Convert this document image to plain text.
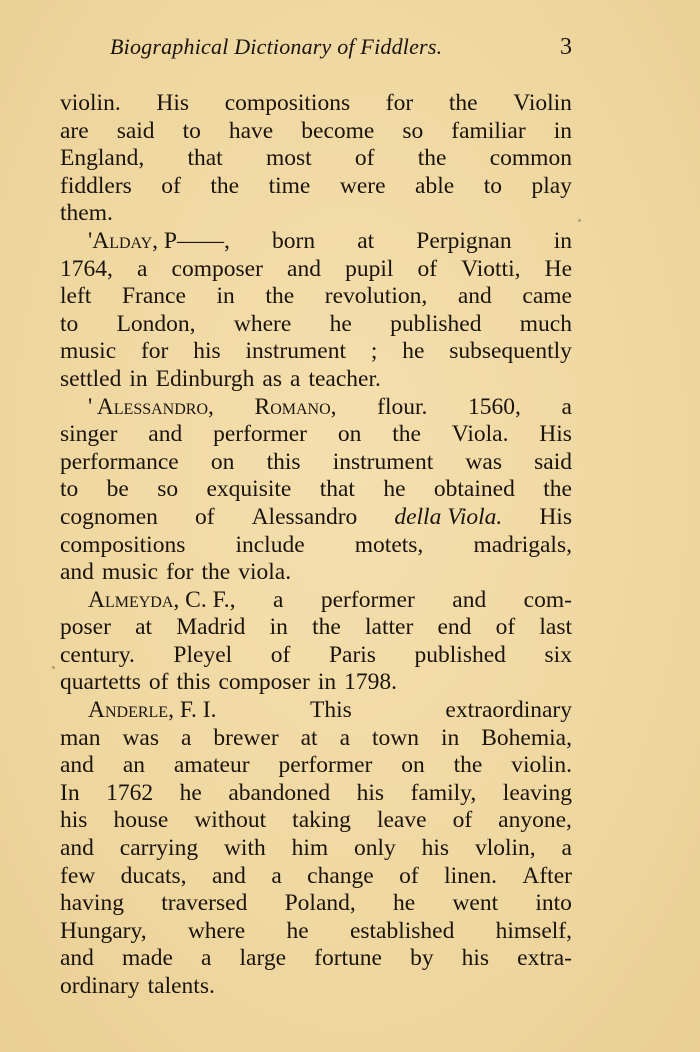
Biographical Dictionary of Fiddlers.	3
violin. His compositions for the Violin
are said to have become so familiar in
England, that most of the common
fiddlers of the time were able to play
them.
'Alday, P——, born at Perpignan in
1764, a composer and pupil of Viotti, He
left France in the revolution, and came
to London, where he published much
music for his instrument ; he subsequently
settled in Edinburgh as a teacher.
' Alessandro, Romano, flour. 1560, a
singer and performer on the Viola. His
performance on this instrument was said
to be so exquisite that he obtained the
cognomen of Alessandro della Viola. His
compositions include motets, madrigals,
and music for the viola.
Almeyda, C. F., a performer and com-
poser at Madrid in the latter end of last
century. Pleyel of Paris published six
quartetts of this composer in 1798.
Anderle, F. I.	This	extraordinary
man was a brewer at a town in Bohemia,
and an amateur performer on the violin.
In 1762 he abandoned his family, leaving
his house without taking leave of anyone,
and carrying with him only his vlolin, a
few ducats, and a change of linen. After
having traversed Poland, he went into
Hungary, where he established himself,
and made a large fortune by his extra-
ordinary talents.
